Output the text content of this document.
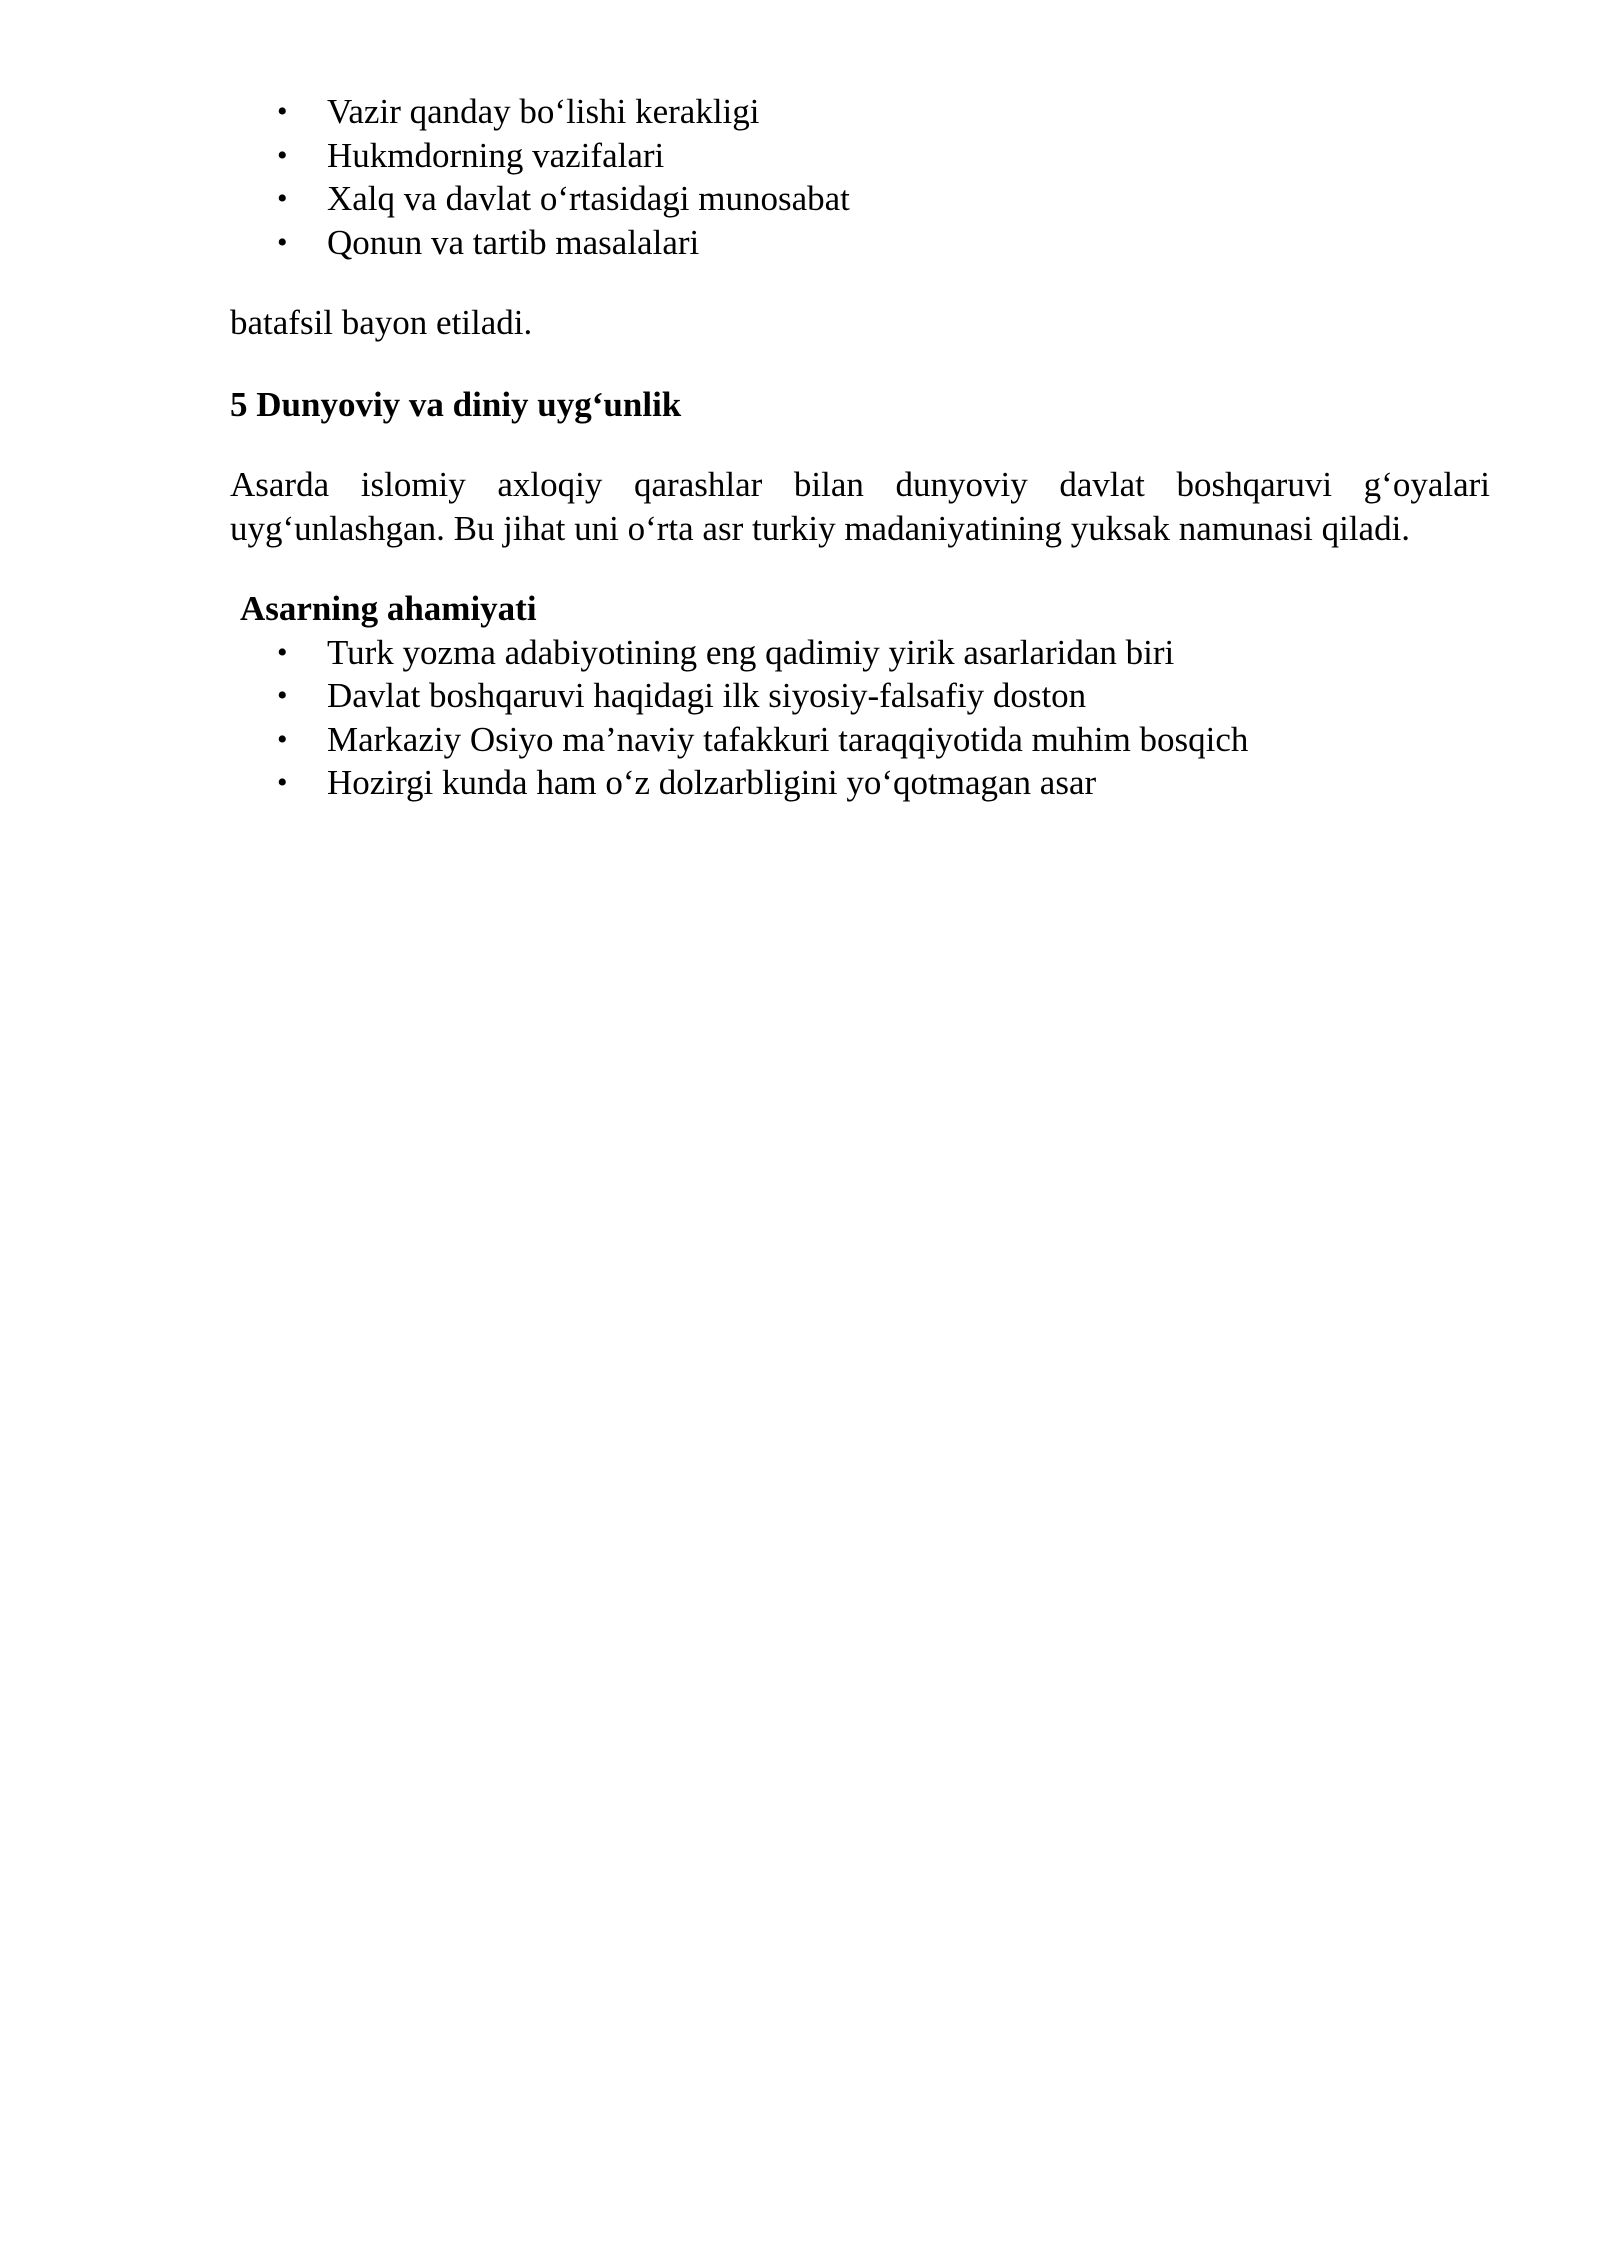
• Vazir qanday bo‘lishi kerakligi
• Hukmdorning vazifalari
• Xalq va davlat o‘rtasidagi munosabat
• Qonun va tartib masalalari

batafsil bayon etiladi.

5 Dunyoviy va diniy uyg‘unlik

Asarda islomiy axloqiy qarashlar bilan dunyoviy davlat boshqaruvi g‘oyalari uyg‘unlashgan. Bu jihat uni o‘rta asr turkiy madaniyatining yuksak namunasi qiladi.

Asarning ahamiyati

• Turk yozma adabiyotining eng qadimiy yirik asarlaridan biri
• Davlat boshqaruvi haqidagi ilk siyosiy-falsafiy doston
• Markaziy Osiyo ma’naviy tafakkuri taraqqiyotida muhim bosqich
• Hozirgi kunda ham o‘z dolzarbligini yo‘qotmagan asar
